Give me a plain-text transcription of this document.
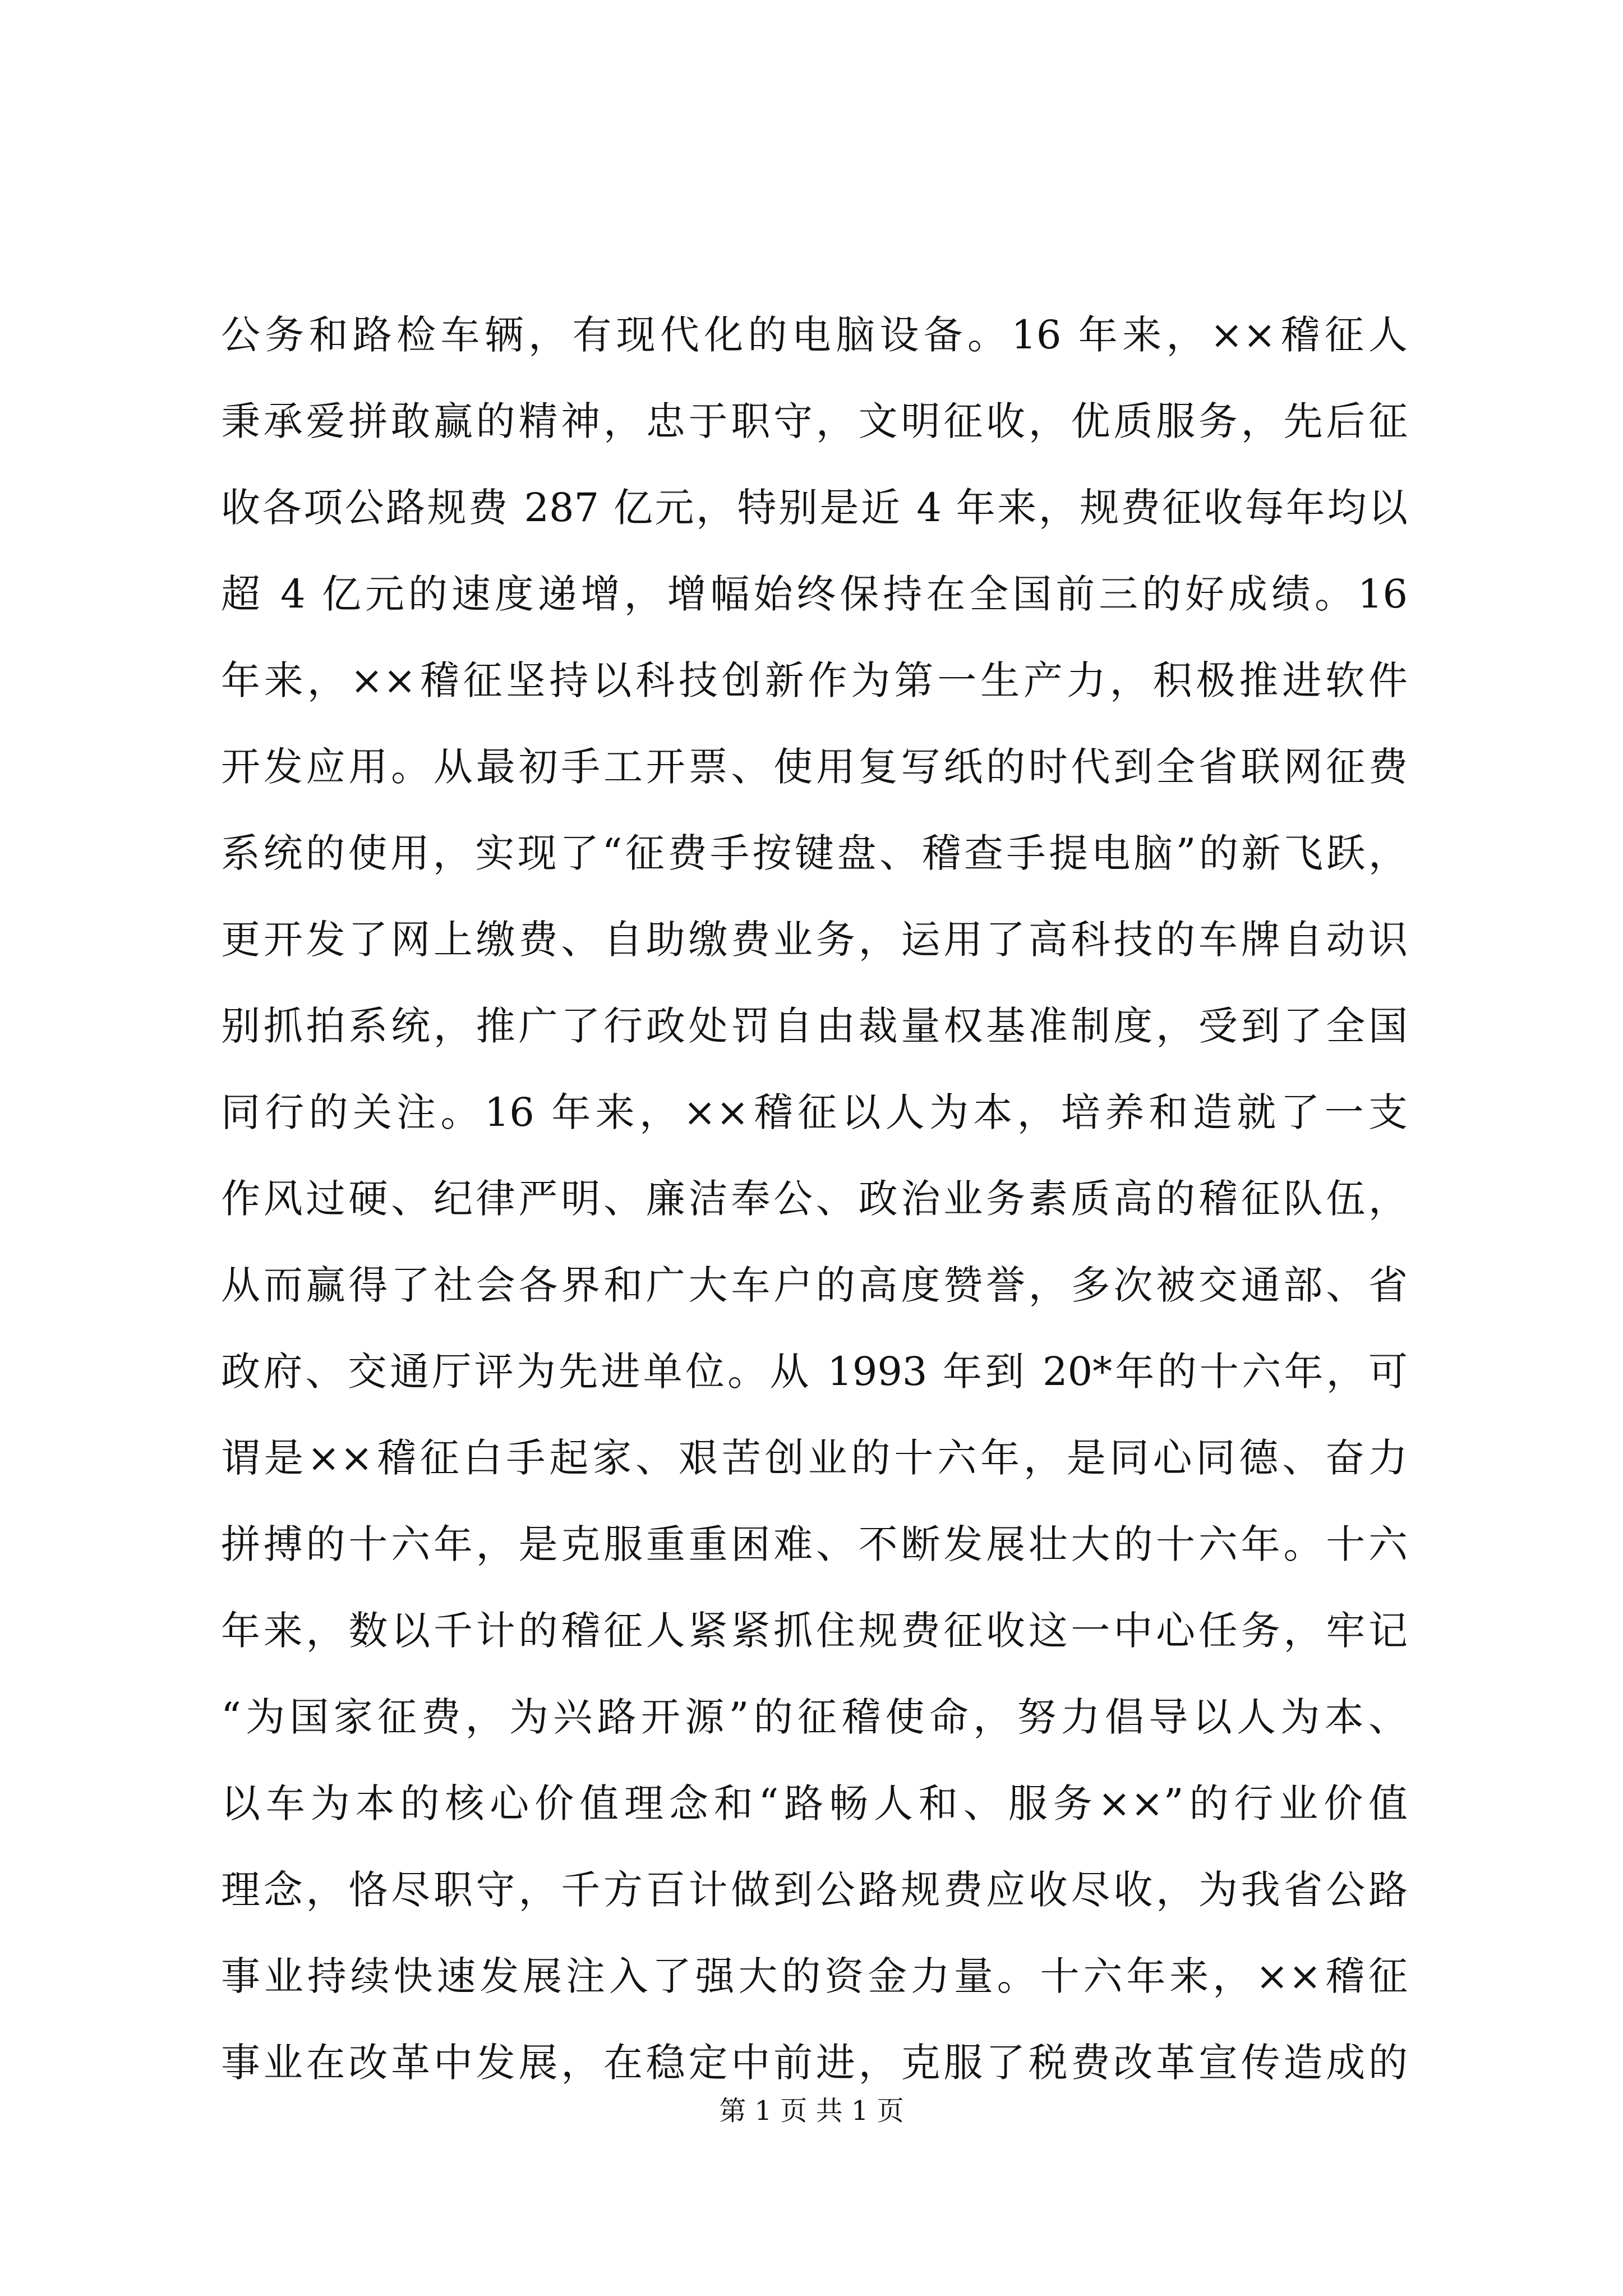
公务和路检车辆，有现代化的电脑设备。16 年来，××稽征人
秉承爱拼敢赢的精神，忠于职守，文明征收，优质服务，先后征
收各项公路规费 287 亿元，特别是近 4 年来，规费征收每年均以
超 4 亿元的速度递增，增幅始终保持在全国前三的好成绩。16
年来，××稽征坚持以科技创新作为第一生产力，积极推进软件
开发应用。从最初手工开票、使用复写纸的时代到全省联网征费
系统的使用，实现了“征费手按键盘、稽查手提电脑”的新飞跃，
更开发了网上缴费、自助缴费业务，运用了高科技的车牌自动识
别抓拍系统，推广了行政处罚自由裁量权基准制度，受到了全国
同行的关注。16 年来，××稽征以人为本，培养和造就了一支
作风过硬、纪律严明、廉洁奉公、政治业务素质高的稽征队伍，
从而赢得了社会各界和广大车户的高度赞誉，多次被交通部、省
政府、交通厅评为先进单位。从 1993 年到 20*年的十六年，可
谓是××稽征白手起家、艰苦创业的十六年，是同心同德、奋力
拼搏的十六年，是克服重重困难、不断发展壮大的十六年。十六
年来，数以千计的稽征人紧紧抓住规费征收这一中心任务，牢记
“为国家征费，为兴路开源”的征稽使命，努力倡导以人为本、
以车为本的核心价值理念和“路畅人和、服务××”的行业价值
理念，恪尽职守，千方百计做到公路规费应收尽收，为我省公路
事业持续快速发展注入了强大的资金力量。十六年来，××稽征
事业在改革中发展，在稳定中前进，克服了税费改革宣传造成的
第 1 页 共 1 页
